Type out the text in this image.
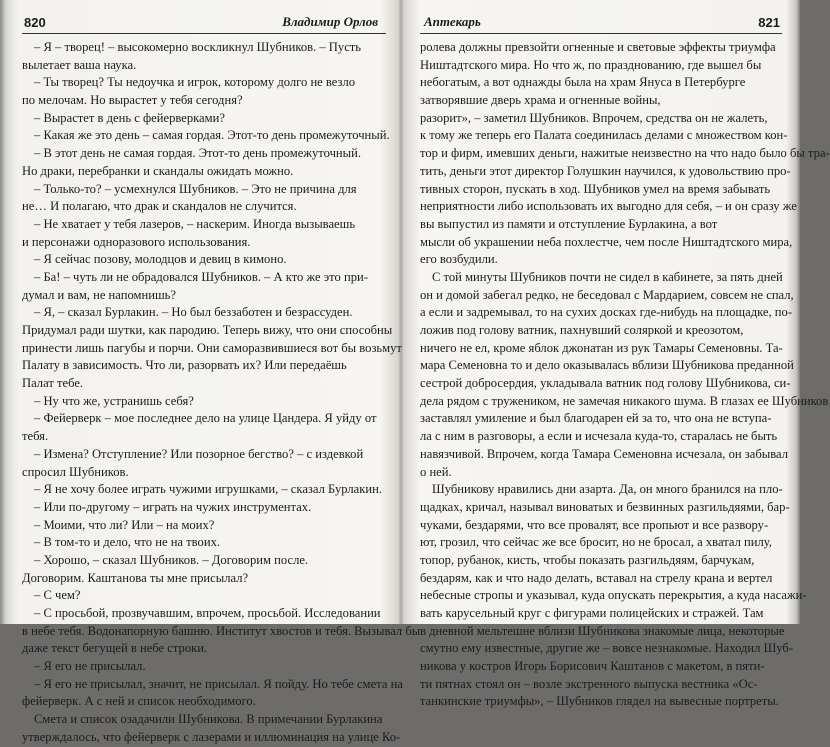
820	Владимир Орлов
– Я – творец! – высокомерно воскликнул Шубников. – Пусть
вылетает ваша наука.
– Ты творец? Ты недоучка и игрок, которому долго не везло
по мелочам. Но вырастет у тебя сегодня?
– Вырастет в день с фейерверками?
– Какая же это день – самая гордая. Этот-то день промежуточный.
– В этот день не самая гордая. Этот-то день промежуточный.
Но драки, перебранки и скандалы ожидать можно.
– Только-то? – усмехнулся Шубников. – Это не причина для
не… И полагаю, что драк и скандалов не случится.
– Не хватает у тебя лазеров, – наскерим. Иногда вызываешь
и персонажи одноразового использования.
– Я сейчас позову, молодцов и девиц в кимоно.
– Ба! – чуть ли не обрадовался Шубников. – А кто же это при-
думал и вам, не напомнишь?
– Я, – сказал Бурлакин. – Но был беззаботен и безрассуден.
Придумал ради шутки, как пародию. Теперь вижу, что они способны
принести лишь пагубы и порчи. Они саморазвившиеся вот бы возьмут
Палату в зависимость. Что ли, разорвать их? Или передаёшь
Палат тебе.
– Ну что же, устранишь себя?
– Фейерверк – мое последнее дело на улице Цандера. Я уйду от
тебя.
– Измена? Отступление? Или позорное бегство? – с издевкой
спросил Шубников.
– Я не хочу более играть чужими игрушками, – сказал Бурлакин.
– Или по-другому – играть на чужих инструментах.
– Моими, что ли? Или – на моих?
– В том-то и дело, что не на твоих.
– Хорошо, – сказал Шубников. – Договорим после.
Договорим. Каштанова ты мне присылал?
– С чем?
– С просьбой, прозвучавшим, впрочем, просьбой. Исследовании
в небе тебя. Водонапорную башню. Институт хвостов и тебя. Вызывал бы
даже текст бегущей в небе строки.
– Я его не присылал.
– Я его не присылал, значит, не присылал. Я пойду. Но тебе смета на
фейерверк. А с ней и список необходимого.
Смета и список озадачили Шубникова. В примечании Бурлакина
утверждалось, что фейерверк с лазерами и иллюминация на улице Ко-
Аптекарь	821
ролева должны превзойти огненные и световые эффекты триумфа
Ништадтского мира. Но что ж, по празднованию, где вышел бы
небогатым, а вот однажды была на храм Януса в Петербурге
затворявшие дверь храма и огненные войны,
разорит», – заметил Шубников. Впрочем, средства он не жалеть,
к тому же теперь его Палата соединилась делами с множеством кон-
тор и фирм, имевших деньги, нажитые неизвестно на что надо было бы тра-
тить, деньги этот директор Голушкин научился, к удовольствию про-
тивных сторон, пускать в ход. Шубников умел на время забывать
неприятности либо использовать их выгодно для себя, – и он сразу же
вы выпустил из памяти и отступление Бурлакина, а вот
мысли об украшении неба похлестче, чем после Ништадтского мира,
его возбудили.
С той минуты Шубников почти не сидел в кабинете, за пять дней
он и домой забегал редко, не беседовал с Мардарием, совсем не спал,
а если и задремывал, то на сухих досках где-нибудь на площадке, по-
ложив под голову ватник, пахнувший соляркой и креозотом,
ничего не ел, кроме яблок джонатан из рук Тамары Семеновны. Та-
мара Семеновна то и дело оказывалась вблизи Шубникова преданной
сестрой добросердия, укладывала ватник под голову Шубникова, си-
дела рядом с тружеником, не замечая никакого шума. В глазах ее Шубников
заставлял умиление и был благодарен ей за то, что она не вступа-
ла с ним в разговоры, а если и исчезала куда-то, старалась не быть
навязчивой. Впрочем, когда Тамара Семеновна исчезала, он забывал
о ней.
Шубникову нравились дни азарта. Да, он много бранился на пло-
щадках, кричал, называл виноватых и безвинных разгильдяями, бар-
чуками, бездарями, что все провалят, все пропьют и все развору-
ют, грозил, что сейчас же все бросит, но не бросал, а хватал пилу,
топор, рубанок, кисть, чтобы показать разгильдяям, барчукам,
бездарям, как и что надо делать, вставал на стрелу крана и вертел
небесные стропы и указывал, куда опускать перекрытия, а куда насажи-
вать карусельный круг с фигурами полицейских и стражей. Там
в дневной мельтешне вблизи Шубникова знакомые лица, некоторые
смутно ему известные, другие же – вовсе незнакомые. Находил Шуб-
никова у костров Игорь Борисович Каштанов с макетом, в пяти-
ти пятнах стоял он – возле экстренного выпуска вестника «Ос-
танкинские триумфы», – Шубников глядел на вывесные портреты.
